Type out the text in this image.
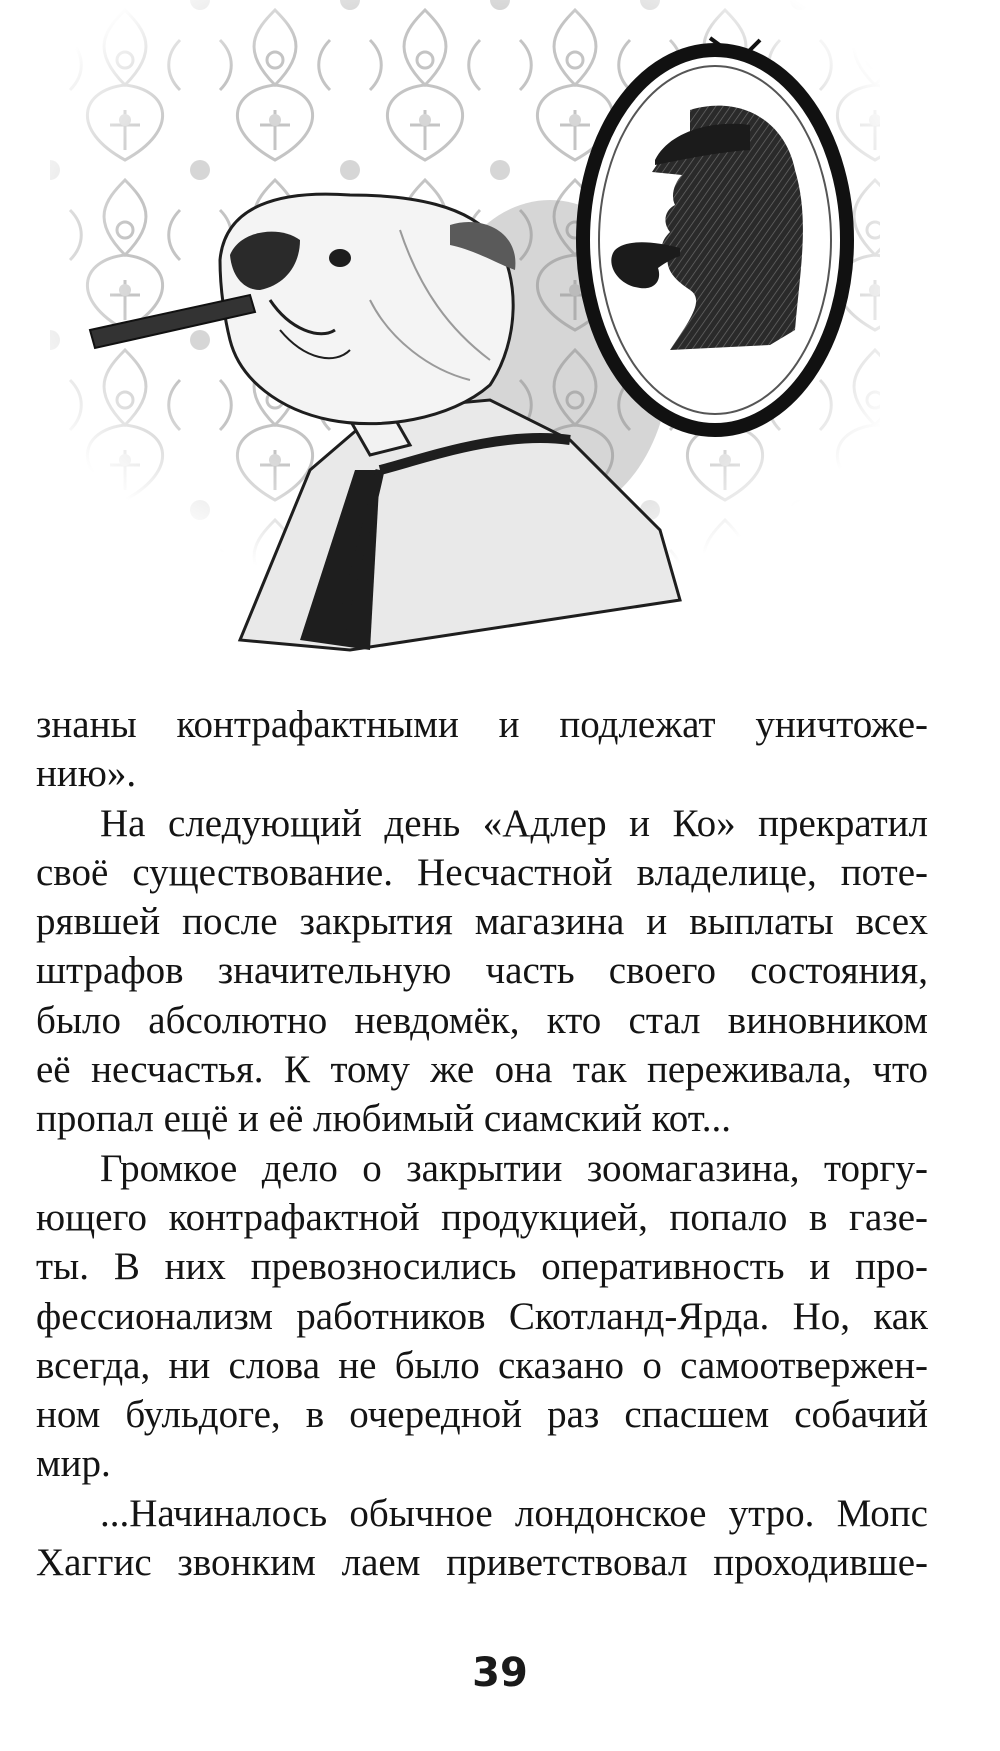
знаны контрафактными и подлежат уничтоже-
нию».
На следующий день «Адлер и Ко» прекратил
своё существование. Несчастной владелице, поте-
рявшей после закрытия магазина и выплаты всех
штрафов значительную часть своего состояния,
было абсолютно невдомёк, кто стал виновником
её несчастья. К тому же она так переживала, что
пропал ещё и её любимый сиамский кот...
Громкое дело о закрытии зоомагазина, торгу-
ющего контрафактной продукцией, попало в газе-
ты. В них превозносились оперативность и про-
фессионализм работников Скотланд-Ярда. Но, как
всегда, ни слова не было сказано о самоотвержен-
ном бульдоге, в очередной раз спасшем собачий
мир.
...Начиналось обычное лондонское утро. Мопс
Хаггис звонким лаем приветствовал проходивше-
39
